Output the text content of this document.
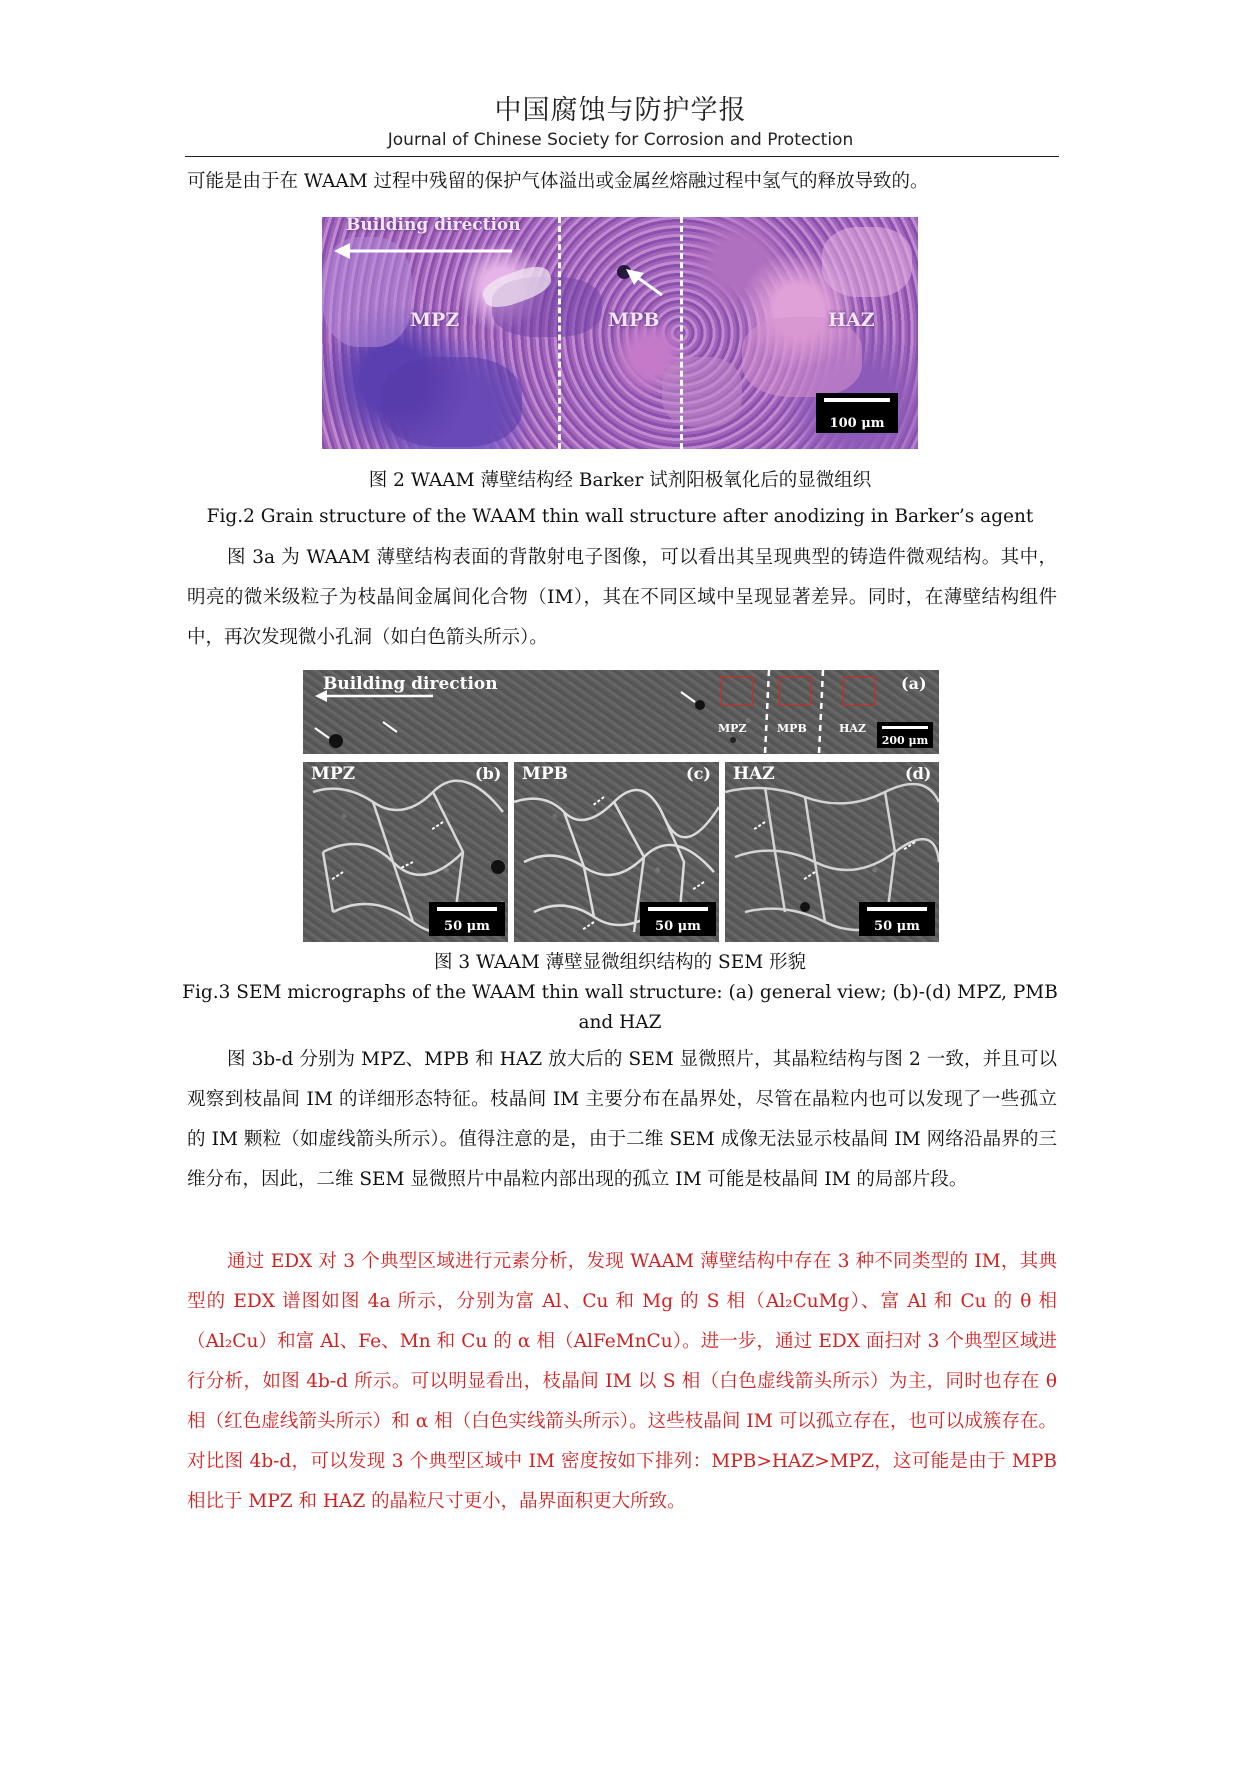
中国腐蚀与防护学报
Journal of Chinese Society for Corrosion and Protection

可能是由于在 WAAM 过程中残留的保护气体溢出或金属丝熔融过程中氢气的释放导致的。

Building direction
MPZ	MPB	HAZ
100 μm
图 2 WAAM 薄壁结构经 Barker 试剂阳极氧化后的显微组织
Fig.2 Grain structure of the WAAM thin wall structure after anodizing in Barker’s agent

图 3a 为 WAAM 薄壁结构表面的背散射电子图像，可以看出其呈现典型的铸造件微观结构。其中，明亮的微米级粒子为枝晶间金属间化合物（IM），其在不同区域中呈现显著差异。同时，在薄壁结构组件中，再次发现微小孔洞（如白色箭头所示）。

Building direction	(a)
MPZ	MPB	HAZ
200 μm
MPZ	(b)
50 μm
MPB	(c)
50 μm
HAZ	(d)
50 μm
图 3 WAAM 薄壁显微组织结构的 SEM 形貌
Fig.3 SEM micrographs of the WAAM thin wall structure: (a) general view; (b)-(d) MPZ, PMB
and HAZ

图 3b-d 分别为 MPZ、MPB 和 HAZ 放大后的 SEM 显微照片，其晶粒结构与图 2 一致，并且可以观察到枝晶间 IM 的详细形态特征。枝晶间 IM 主要分布在晶界处，尽管在晶粒内也可以发现了一些孤立的 IM 颗粒（如虚线箭头所示）。值得注意的是，由于二维 SEM 成像无法显示枝晶间 IM 网络沿晶界的三维分布，因此，二维 SEM 显微照片中晶粒内部出现的孤立 IM 可能是枝晶间 IM 的局部片段。

通过 EDX 对 3 个典型区域进行元素分析，发现 WAAM 薄壁结构中存在 3 种不同类型的 IM，其典型的 EDX 谱图如图 4a 所示，分别为富 Al、Cu 和 Mg 的 S 相（Al₂CuMg）、富 Al 和 Cu 的 θ 相（Al₂Cu）和富 Al、Fe、Mn 和 Cu 的 α 相（AlFeMnCu）。进一步，通过 EDX 面扫对 3 个典型区域进行分析，如图 4b-d 所示。可以明显看出，枝晶间 IM 以 S 相（白色虚线箭头所示）为主，同时也存在 θ 相（红色虚线箭头所示）和 α 相（白色实线箭头所示）。这些枝晶间 IM 可以孤立存在，也可以成簇存在。对比图 4b-d，可以发现 3 个典型区域中 IM 密度按如下排列：MPB>HAZ>MPZ，这可能是由于 MPB 相比于 MPZ 和 HAZ 的晶粒尺寸更小，晶界面积更大所致。
